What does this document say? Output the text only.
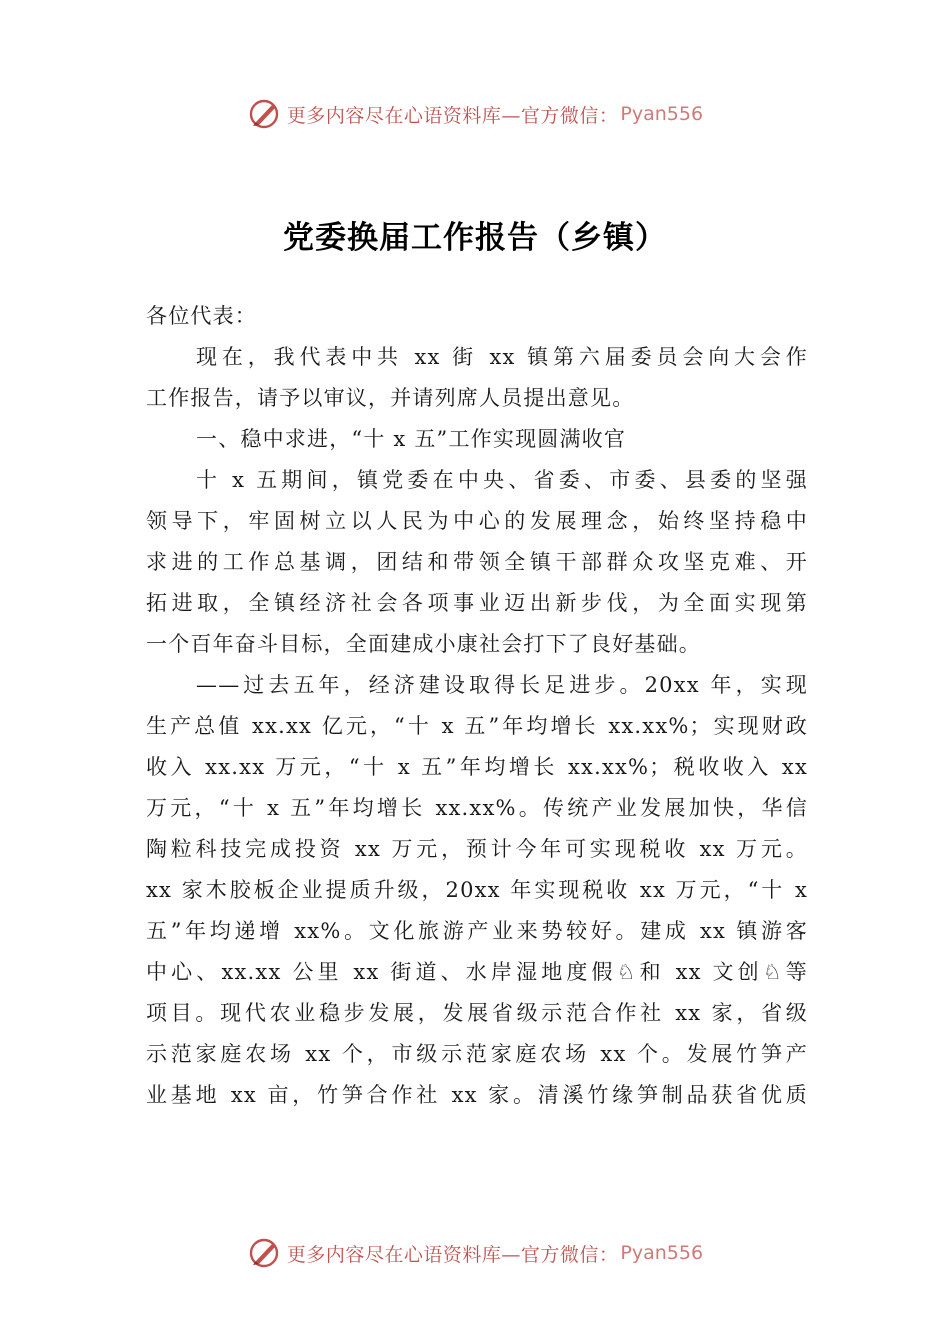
更多内容尽在心语资料库—官方微信： Pyan556
党委换届工作报告（乡镇）
各位代表：
现在，我代表中共 xx 街 xx 镇第六届委员会向大会作
工作报告，请予以审议，并请列席人员提出意见。
一、稳中求进，“十 x 五”工作实现圆满收官
十 x 五期间，镇党委在中央、省委、市委、县委的坚强
领导下，牢固树立以人民为中心的发展理念，始终坚持稳中
求进的工作总基调，团结和带领全镇干部群众攻坚克难、开
拓进取，全镇经济社会各项事业迈出新步伐，为全面实现第
一个百年奋斗目标，全面建成小康社会打下了良好基础。
——过去五年，经济建设取得长足进步。20xx 年，实现
生产总值 xx.xx 亿元，“十 x 五”年均增长 xx.xx%；实现财政
收入 xx.xx 万元，“十 x 五”年均增长 xx.xx%；税收收入 xx
万元，“十 x 五”年均增长 xx.xx%。传统产业发展加快，华信
陶粒科技完成投资 xx 万元，预计今年可实现税收 xx 万元。
xx 家木胶板企业提质升级，20xx 年实现税收 xx 万元，“十 x
五”年均递增 xx%。文化旅游产业来势较好。建成 xx 镇游客
中心、xx.xx 公里 xx 街道、水岸湿地度假♘和 xx 文创♘等
项目。现代农业稳步发展，发展省级示范合作社 xx 家，省级
示范家庭农场 xx 个，市级示范家庭农场 xx 个。发展竹笋产
业基地 xx 亩，竹笋合作社 xx 家。清溪竹缘笋制品获省优质
更多内容尽在心语资料库—官方微信： Pyan556
